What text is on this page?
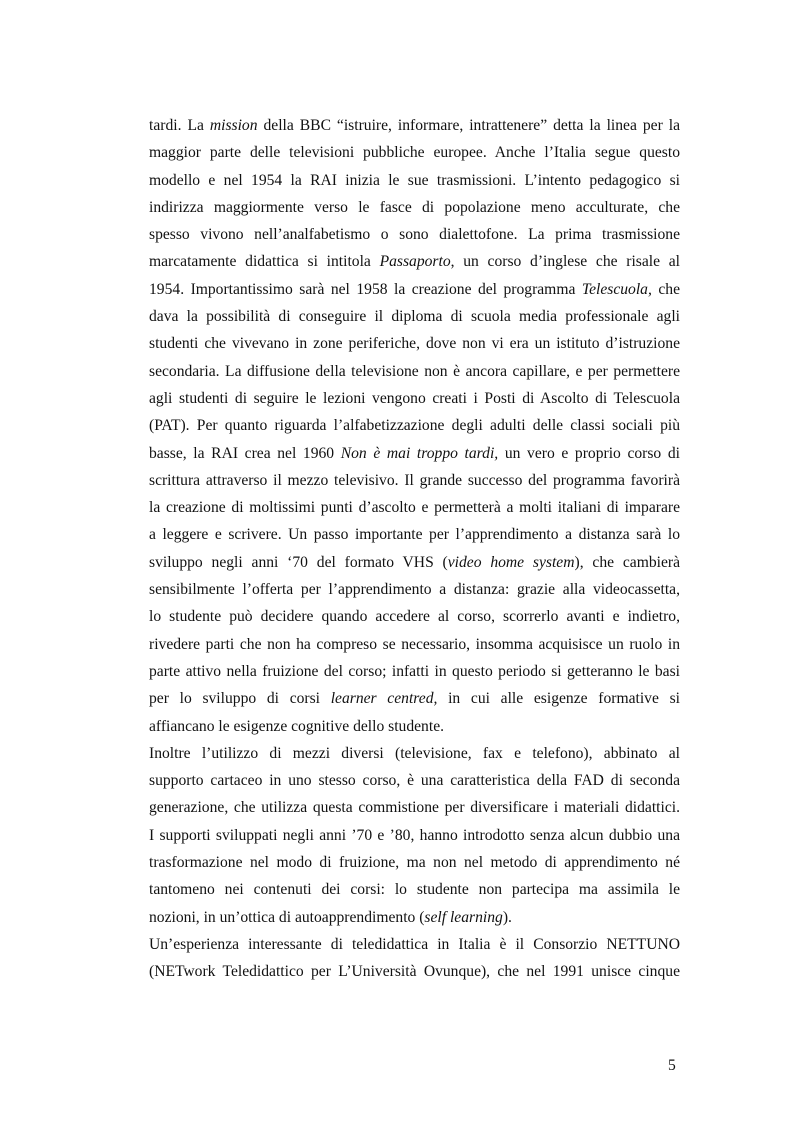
tardi. La mission della BBC “istruire, informare, intrattenere” detta la linea per la
maggior parte delle televisioni pubbliche europee. Anche l’Italia segue questo
modello e nel 1954 la RAI inizia le sue trasmissioni. L’intento pedagogico si
indirizza maggiormente verso le fasce di popolazione meno acculturate, che
spesso vivono nell’analfabetismo o sono dialettofone. La prima trasmissione
marcatamente didattica si intitola Passaporto, un corso d’inglese che risale al
1954. Importantissimo sarà nel 1958 la creazione del programma Telescuola, che
dava la possibilità di conseguire il diploma di scuola media professionale agli
studenti che vivevano in zone periferiche, dove non vi era un istituto d’istruzione
secondaria. La diffusione della televisione non è ancora capillare, e per permettere
agli studenti di seguire le lezioni vengono creati i Posti di Ascolto di Telescuola
(PAT). Per quanto riguarda l’alfabetizzazione degli adulti delle classi sociali più
basse, la RAI crea nel 1960 Non è mai troppo tardi, un vero e proprio corso di
scrittura attraverso il mezzo televisivo. Il grande successo del programma favorirà
la creazione di moltissimi punti d’ascolto e permetterà a molti italiani di imparare
a leggere e scrivere. Un passo importante per l’apprendimento a distanza sarà lo
sviluppo negli anni ‘70 del formato VHS (video home system), che cambierà
sensibilmente l’offerta per l’apprendimento a distanza: grazie alla videocassetta,
lo studente può decidere quando accedere al corso, scorrerlo avanti e indietro,
rivedere parti che non ha compreso se necessario, insomma acquisisce un ruolo in
parte attivo nella fruizione del corso; infatti in questo periodo si getteranno le basi
per lo sviluppo di corsi learner centred, in cui alle esigenze formative si
affiancano le esigenze cognitive dello studente.
Inoltre l’utilizzo di mezzi diversi (televisione, fax e telefono), abbinato al
supporto cartaceo in uno stesso corso, è una caratteristica della FAD di seconda
generazione, che utilizza questa commistione per diversificare i materiali didattici.
I supporti sviluppati negli anni ’70 e ’80, hanno introdotto senza alcun dubbio una
trasformazione nel modo di fruizione, ma non nel metodo di apprendimento né
tantomeno nei contenuti dei corsi: lo studente non partecipa ma assimila le
nozioni, in un’ottica di autoapprendimento (self learning).
Un’esperienza interessante di teledidattica in Italia è il Consorzio NETTUNO
(NETwork Teledidattico per L’Università Ovunque), che nel 1991 unisce cinque
5
